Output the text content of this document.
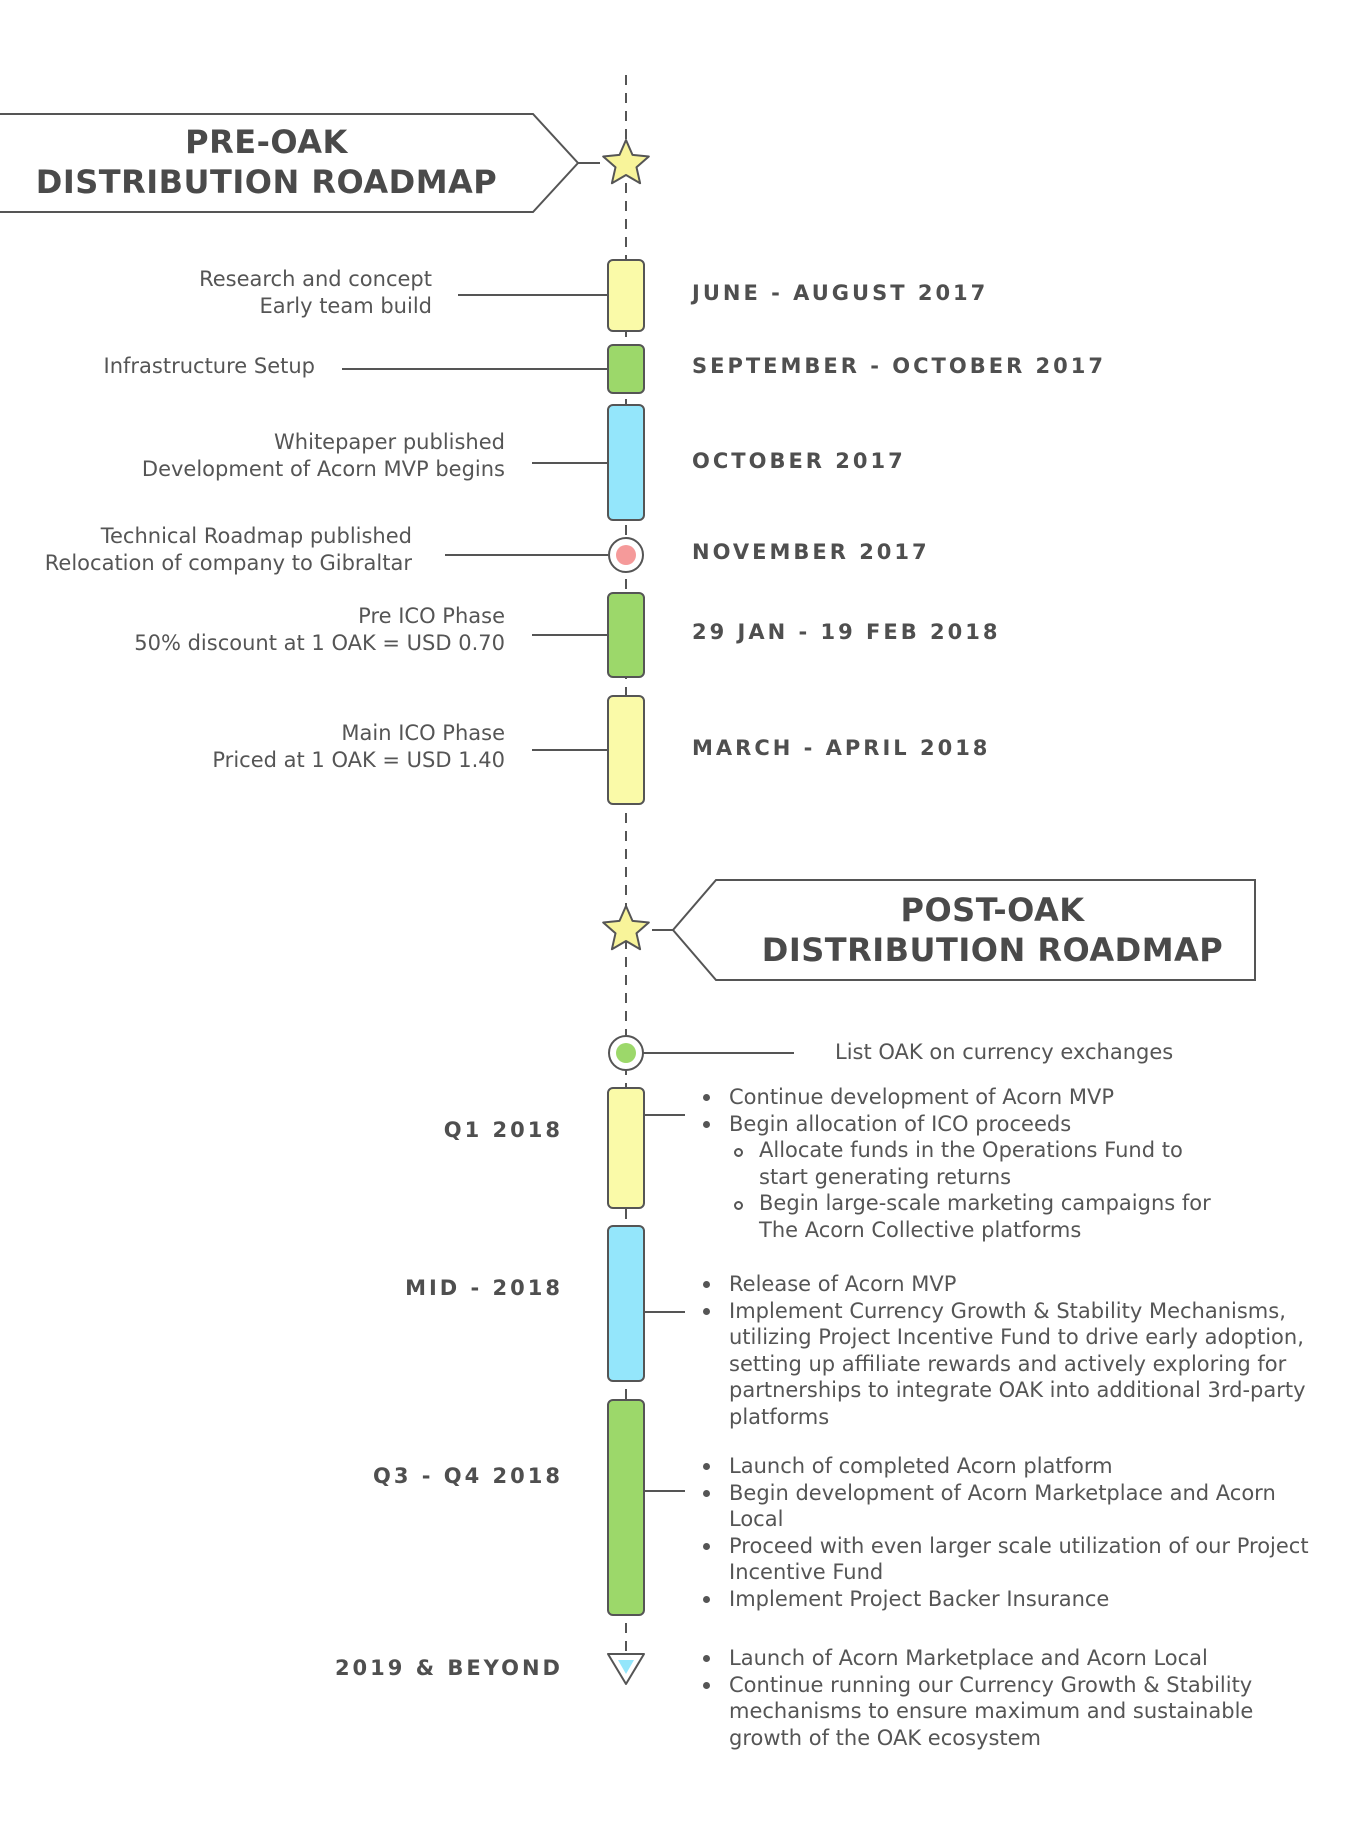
PRE-OAK
DISTRIBUTION ROADMAP
Research and concept
Early team build
Infrastructure Setup
Whitepaper published
Development of Acorn MVP begins
Technical Roadmap published
Relocation of company to Gibraltar
Pre ICO Phase
50% discount at 1 OAK = USD 0.70
Main ICO Phase
Priced at 1 OAK = USD 1.40
JUNE - AUGUST 2017
SEPTEMBER - OCTOBER 2017
OCTOBER 2017
NOVEMBER 2017
29 JAN - 19 FEB 2018
MARCH - APRIL 2018
POST-OAK
DISTRIBUTION ROADMAP
List OAK on currency exchanges
Q1 2018
MID - 2018
Q3 - Q4 2018
2019 & BEYOND
Continue development of Acorn MVP
Begin allocation of ICO proceeds
Allocate funds in the Operations Fund to start generating returns
Begin large-scale marketing campaigns for The Acorn Collective platforms
Release of Acorn MVP
Implement Currency Growth & Stability Mechanisms, utilizing Project Incentive Fund to drive early adoption, setting up affiliate rewards and actively exploring for partnerships to integrate OAK into additional 3rd-party platforms
Launch of completed Acorn platform
Begin development of Acorn Marketplace and Acorn Local
Proceed with even larger scale utilization of our Project Incentive Fund
Implement Project Backer Insurance
Launch of Acorn Marketplace and Acorn Local
Continue running our Currency Growth & Stability mechanisms to ensure maximum and sustainable growth of the OAK ecosystem
